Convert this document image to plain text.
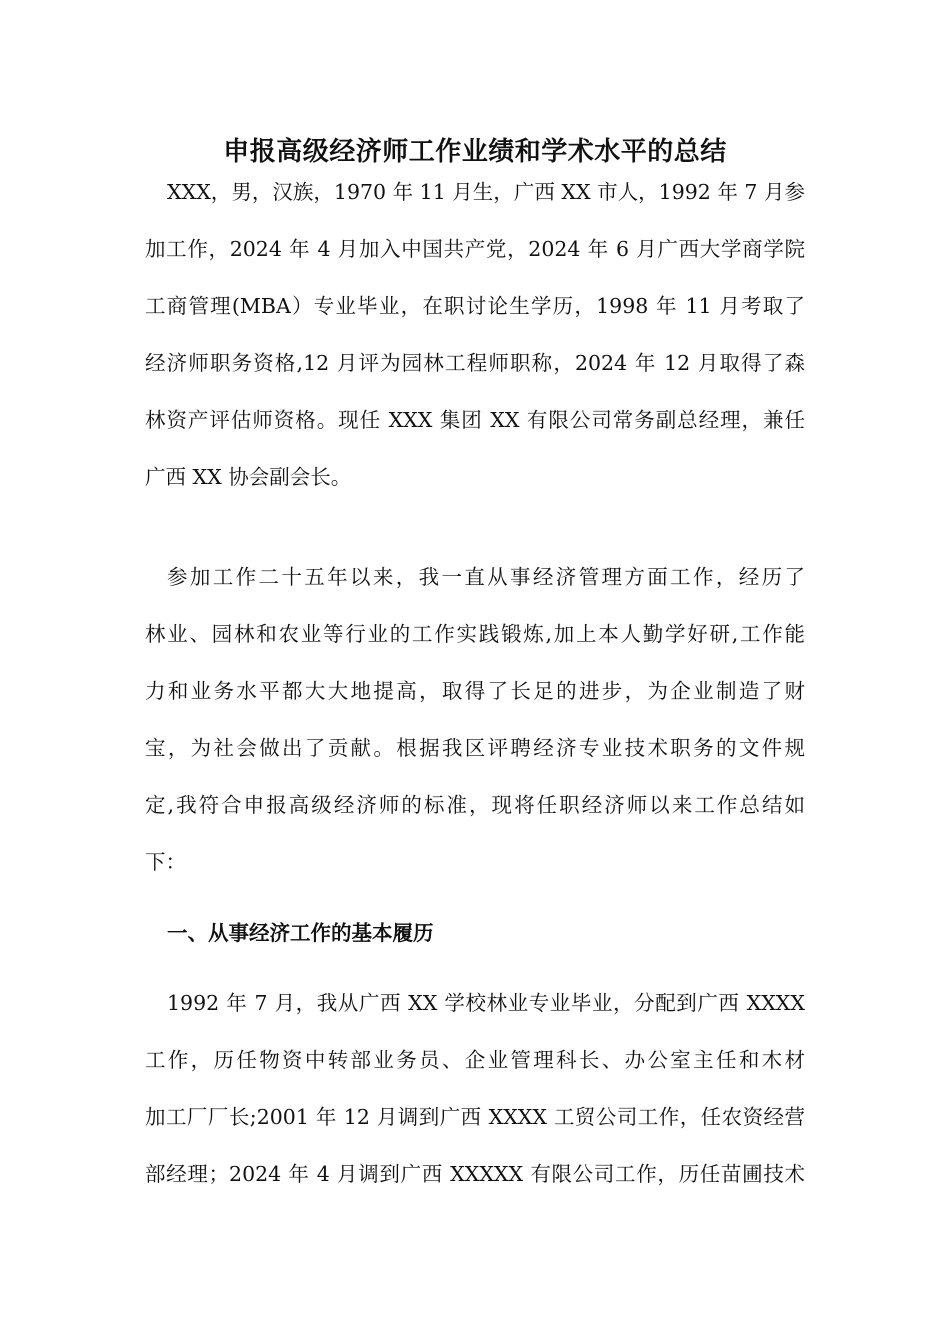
申报高级经济师工作业绩和学术水平的总结
XXX，男，汉族，1970 年 11 月生，广西 XX 市人，1992 年 7 月参
加工作，2024 年 4 月加入中国共产党，2024 年 6 月广西大学商学院
工商管理(MBA）专业毕业，在职讨论生学历，1998 年 11 月考取了
经济师职务资格,12 月评为园林工程师职称，2024 年 12 月取得了森
林资产评估师资格。现任 XXX 集团 XX 有限公司常务副总经理，兼任
广西 XX 协会副会长。
参加工作二十五年以来，我一直从事经济管理方面工作，经历了
林业、园林和农业等行业的工作实践锻炼,加上本人勤学好研,工作能
力和业务水平都大大地提高，取得了长足的进步，为企业制造了财
宝，为社会做出了贡献。根据我区评聘经济专业技术职务的文件规
定,我符合申报高级经济师的标准，现将任职经济师以来工作总结如
下：
一、从事经济工作的基本履历
1992 年 7 月，我从广西 XX 学校林业专业毕业，分配到广西 XXXX
工作，历任物资中转部业务员、企业管理科长、办公室主任和木材
加工厂厂长;2001 年 12 月调到广西 XXXX 工贸公司工作，任农资经营
部经理；2024 年 4 月调到广西 XXXXX 有限公司工作，历任苗圃技术
